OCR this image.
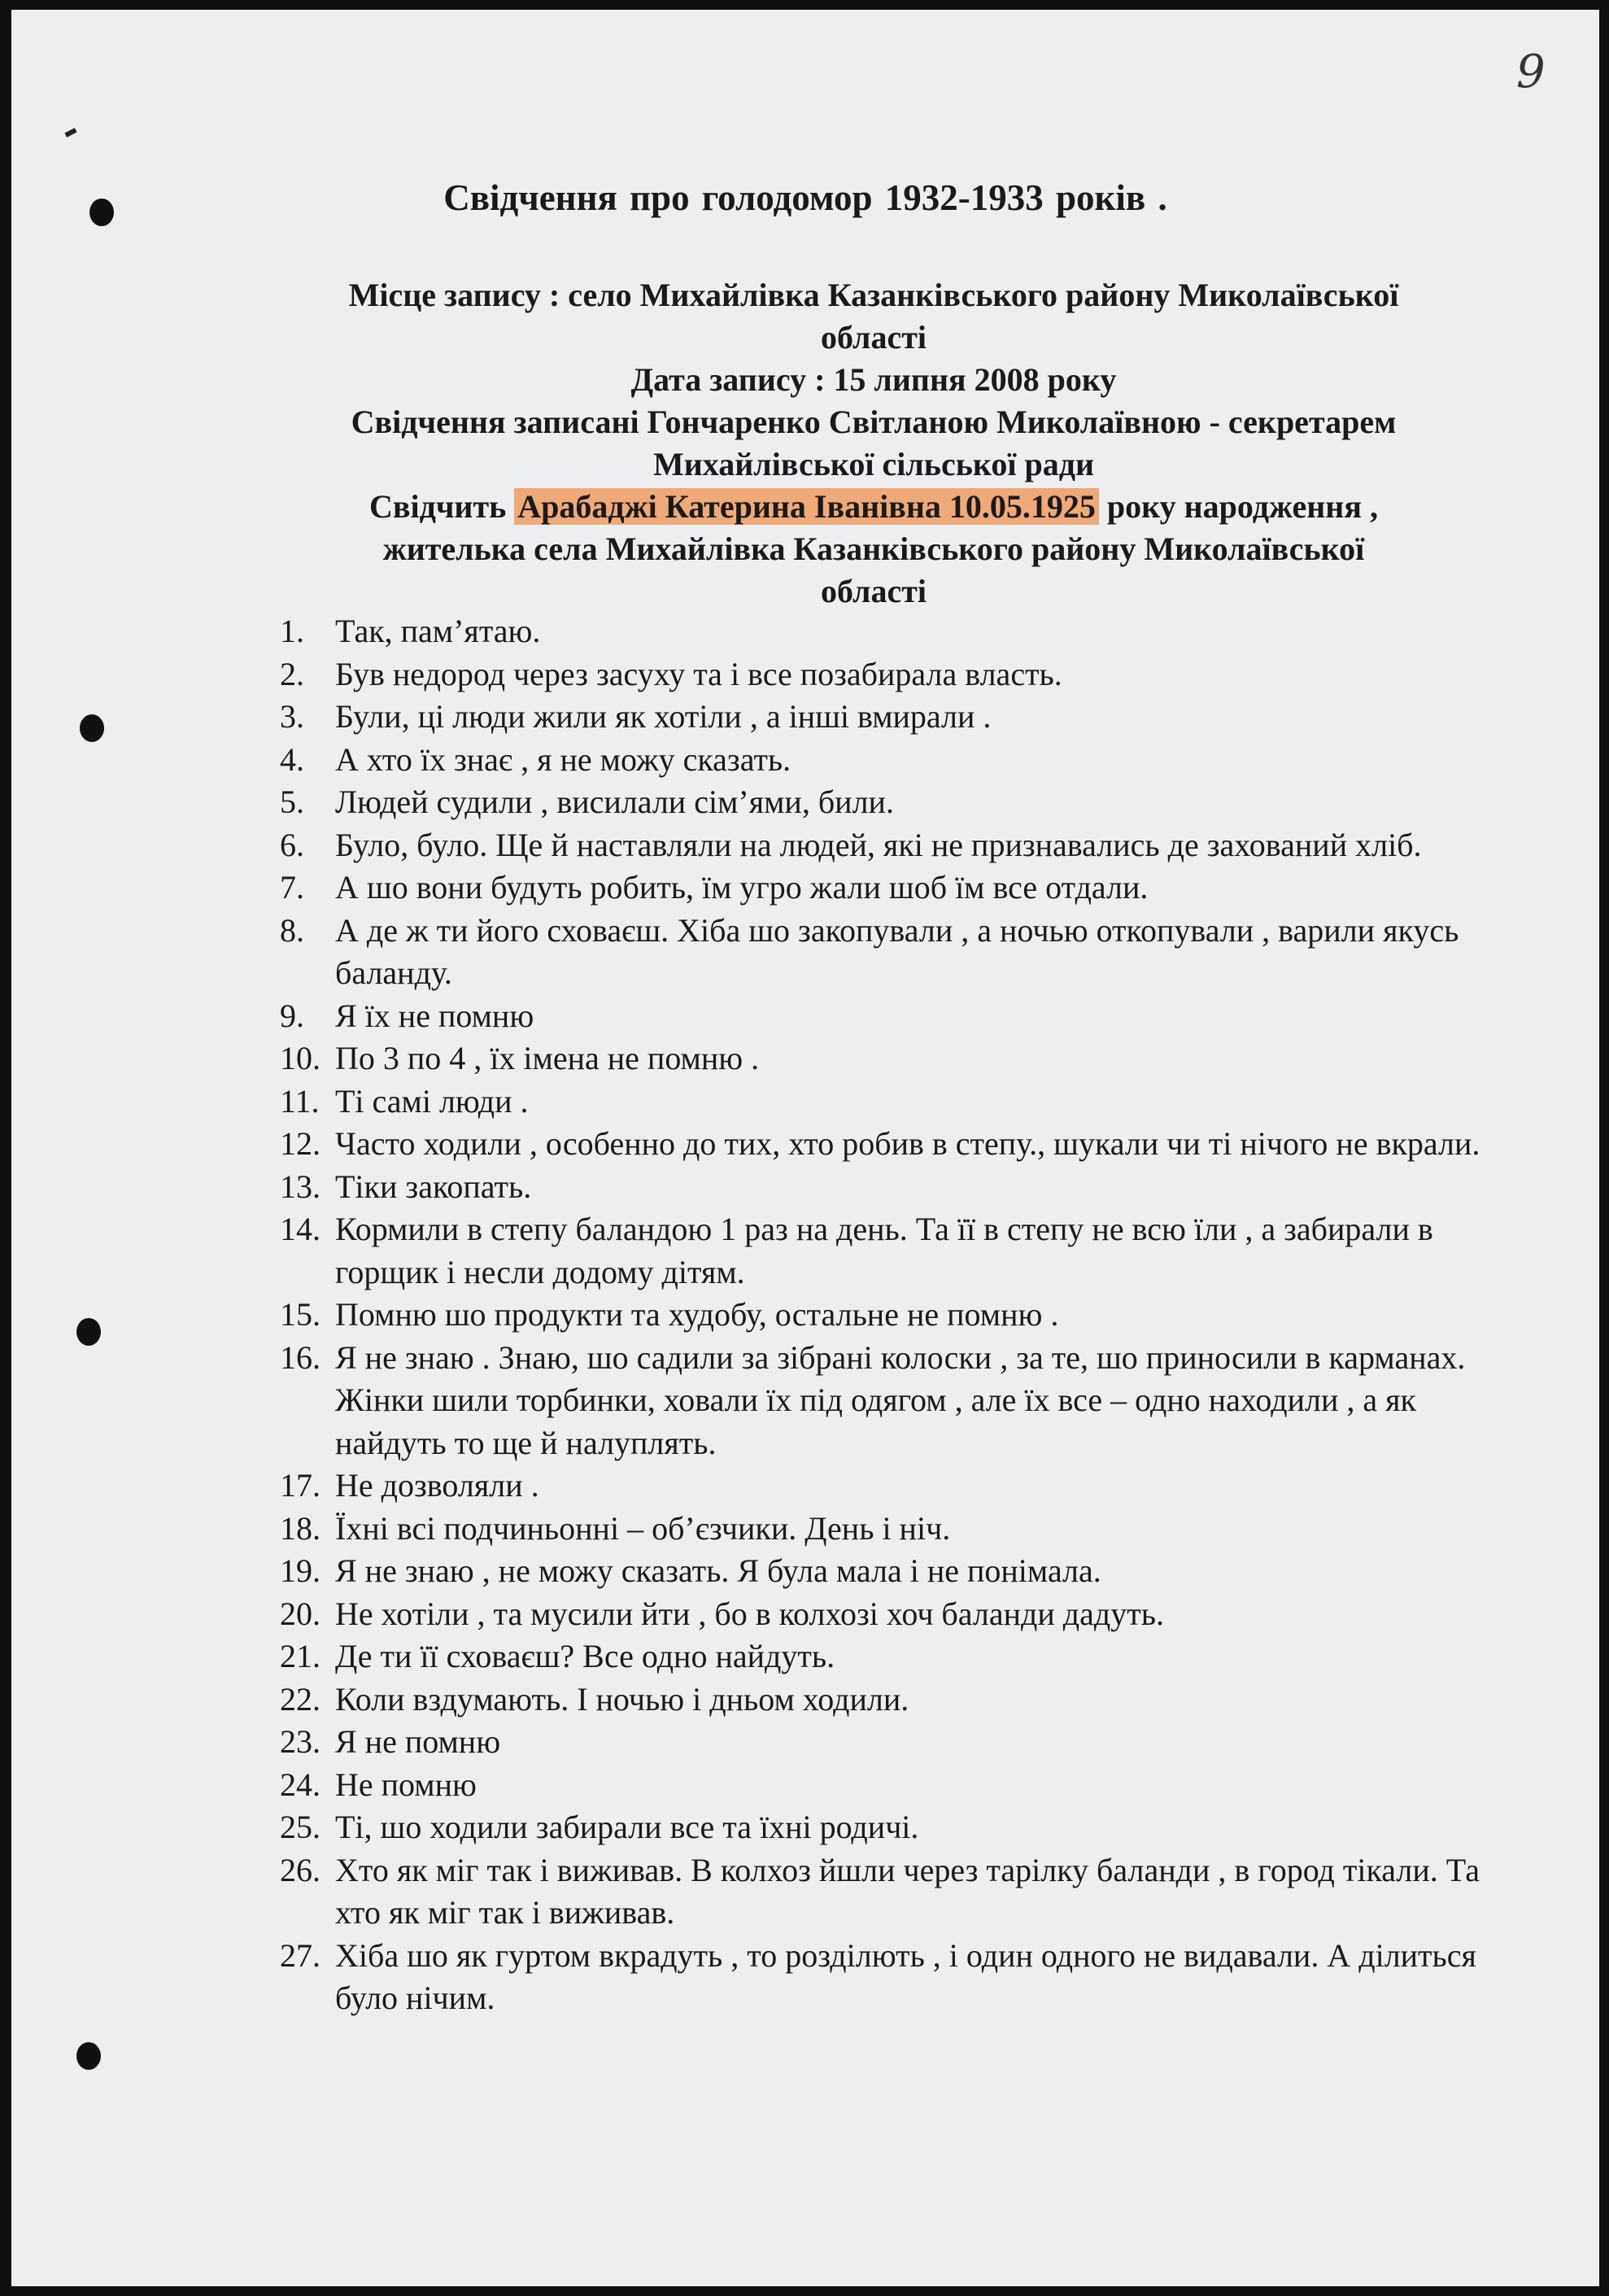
9
Свідчення про голодомор 1932-1933 років .
Місце запису : село Михайлівка Казанківського району Миколаївської
області
Дата запису : 15 липня 2008 року
Свідчення записані Гончаренко Світланою Миколаївною - секретарем
Михайлівської сільської ради
Свідчить Арабаджі Катерина Іванівна 10.05.1925 року народження ,
жителька села Михайлівка Казанківського району Миколаївської
області
1. Так, пам’ятаю.
2. Був недород через засуху та і все позабирала власть.
3. Були, ці люди жили як хотіли , а інші вмирали .
4. А хто їх знає , я не можу сказать.
5. Людей судили , висилали сім’ями, били.
6. Було, було. Ще й наставляли на людей, які не признавались де захований хліб.
7. А шо вони будуть робить, їм угро жали шоб їм все отдали.
8. А де ж ти його сховаєш. Хіба шо закопували , а ночью откопували , варили якусь баланду.
9. Я їх не помню
10. По 3 по 4 , їх імена не помню .
11. Ті самі люди .
12. Часто ходили , особенно до тих, хто робив в степу., шукали чи ті нічого не вкрали.
13. Тіки закопать.
14. Кормили в степу баландою 1 раз на день. Та її в степу не всю їли , а забирали в горщик і несли додому дітям.
15. Помню шо продукти та худобу, остальне не помню .
16. Я не знаю . Знаю, шо садили за зібрані колоски , за те, шо приносили в карманах. Жінки шили торбинки, ховали їх під одягом , але їх все – одно находили , а як найдуть то ще й налуплять.
17. Не дозволяли .
18. Їхні всі подчиньонні – об’єзчики. День і ніч.
19. Я не знаю , не можу сказать. Я була мала і не понімала.
20. Не хотіли , та мусили йти , бо в колхозі хоч баланди дадуть.
21. Де ти її сховаєш? Все одно найдуть.
22. Коли вздумають. І ночью і дньом ходили.
23. Я не помню
24. Не помню
25. Ті, шо ходили забирали все та їхні родичі.
26. Хто як міг так і виживав. В колхоз йшли через тарілку баланди , в город тікали. Та хто як міг так і виживав.
27. Хіба шо як гуртом вкрадуть , то розділють , і один одного не видавали. А ділиться було нічим.
